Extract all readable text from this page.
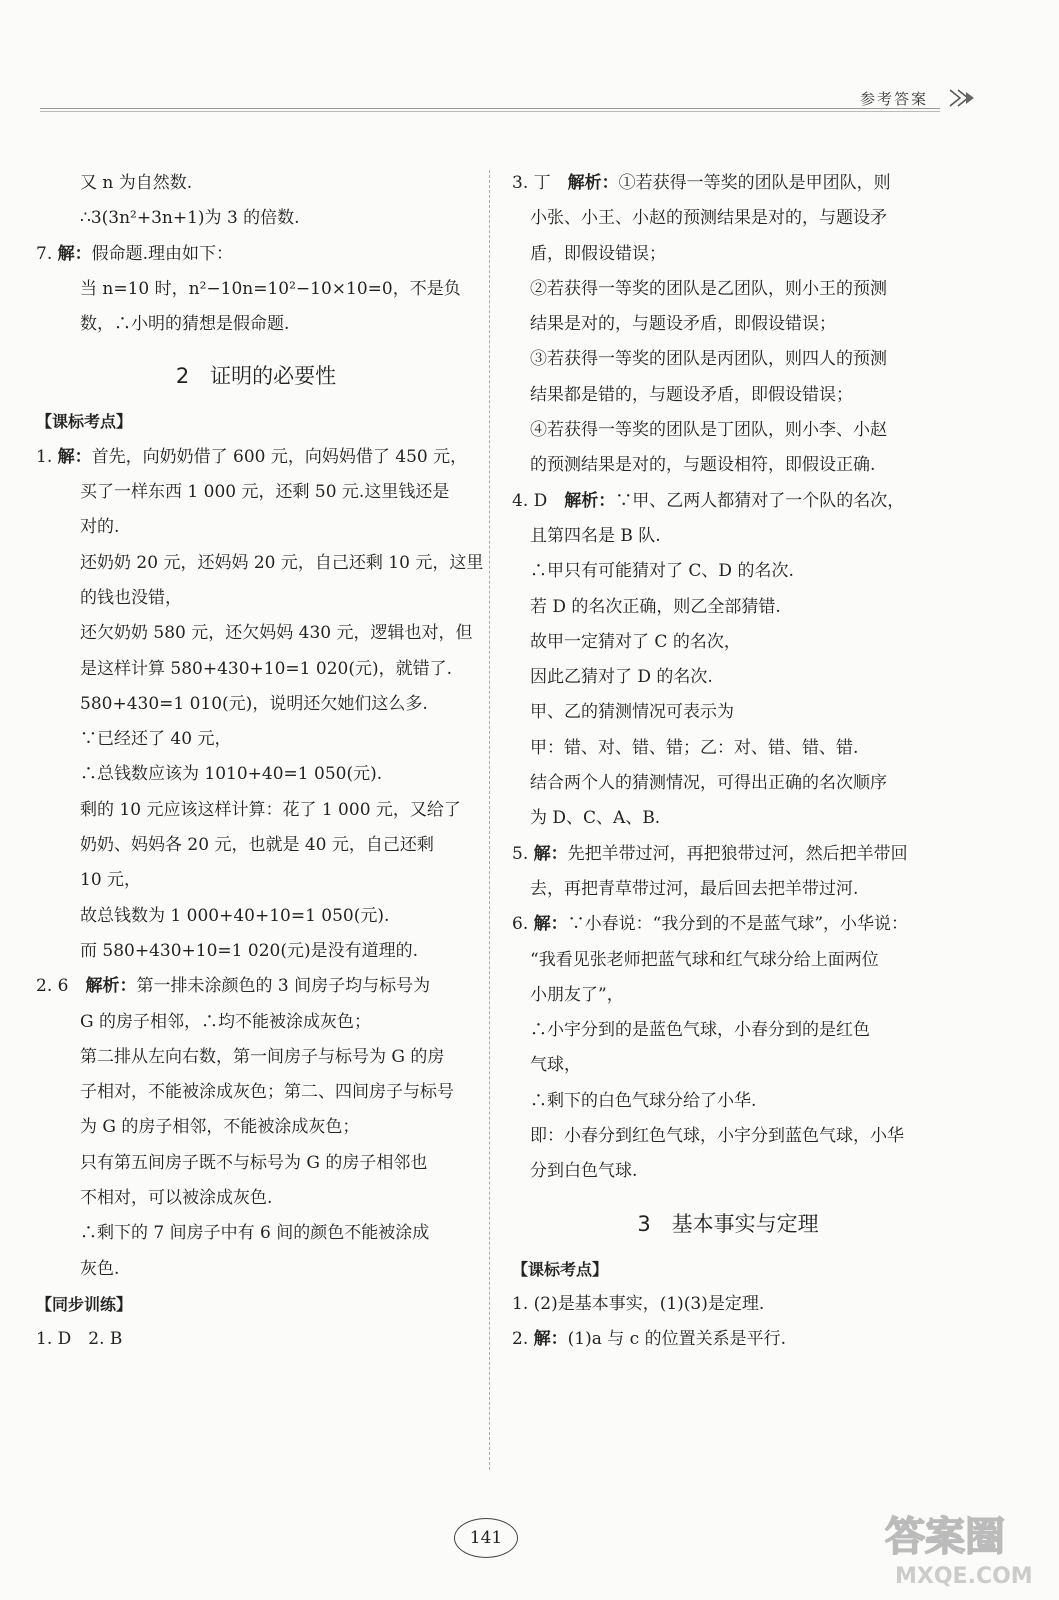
参考答案
又 n 为自然数.
∴3(3n²+3n+1)为 3 的倍数.
7. 解：假命题.理由如下：
当 n=10 时，n²−10n=10²−10×10=0，不是负
数，∴小明的猜想是假命题.
2　证明的必要性
【课标考点】
1. 解：首先，向奶奶借了 600 元，向妈妈借了 450 元，
买了一样东西 1 000 元，还剩 50 元.这里钱还是
对的.
还奶奶 20 元，还妈妈 20 元，自己还剩 10 元，这里
的钱也没错，
还欠奶奶 580 元，还欠妈妈 430 元，逻辑也对，但
是这样计算 580+430+10=1 020(元)，就错了.
580+430=1 010(元)，说明还欠她们这么多.
∵已经还了 40 元，
∴总钱数应该为 1010+40=1 050(元).
剩的 10 元应该这样计算：花了 1 000 元，又给了
奶奶、妈妈各 20 元，也就是 40 元，自己还剩
10 元，
故总钱数为 1 000+40+10=1 050(元).
而 580+430+10=1 020(元)是没有道理的.
2. 6　解析：第一排未涂颜色的 3 间房子均与标号为
G 的房子相邻，∴均不能被涂成灰色；
第二排从左向右数，第一间房子与标号为 G 的房
子相对，不能被涂成灰色；第二、四间房子与标号
为 G 的房子相邻，不能被涂成灰色；
只有第五间房子既不与标号为 G 的房子相邻也
不相对，可以被涂成灰色.
∴剩下的 7 间房子中有 6 间的颜色不能被涂成
灰色.
【同步训练】
1. D　2. B
3. 丁　解析：①若获得一等奖的团队是甲团队，则
小张、小王、小赵的预测结果是对的，与题设矛
盾，即假设错误；
②若获得一等奖的团队是乙团队，则小王的预测
结果是对的，与题设矛盾，即假设错误；
③若获得一等奖的团队是丙团队，则四人的预测
结果都是错的，与题设矛盾，即假设错误；
④若获得一等奖的团队是丁团队，则小李、小赵
的预测结果是对的，与题设相符，即假设正确.
4. D　解析：∵甲、乙两人都猜对了一个队的名次，
且第四名是 B 队.
∴甲只有可能猜对了 C、D 的名次.
若 D 的名次正确，则乙全部猜错.
故甲一定猜对了 C 的名次，
因此乙猜对了 D 的名次.
甲、乙的猜测情况可表示为
甲：错、对、错、错；乙：对、错、错、错.
结合两个人的猜测情况，可得出正确的名次顺序
为 D、C、A、B.
5. 解：先把羊带过河，再把狼带过河，然后把羊带回
去，再把青草带过河，最后回去把羊带过河.
6. 解：∵小春说：“我分到的不是蓝气球”，小华说：
“我看见张老师把蓝气球和红气球分给上面两位
小朋友了”，
∴小宇分到的是蓝色气球，小春分到的是红色
气球，
∴剩下的白色气球分给了小华.
即：小春分到红色气球，小宇分到蓝色气球，小华
分到白色气球.
3　基本事实与定理
【课标考点】
1. (2)是基本事实，(1)(3)是定理.
2. 解：(1)a 与 c 的位置关系是平行.
141	答案圈
MXQE.COM
